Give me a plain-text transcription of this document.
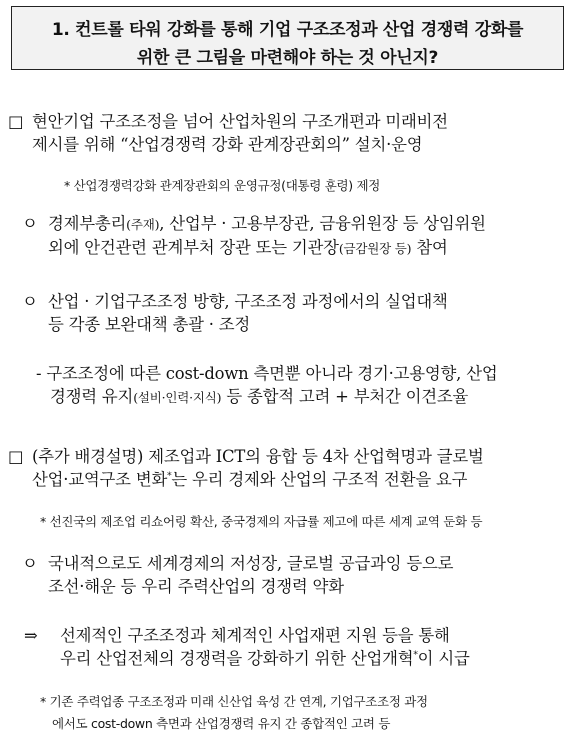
1. 컨트롤 타워 강화를 통해 기업 구조조정과 산업 경쟁력 강화를
위한 큰 그림을 마련해야 하는 것 아닌지?
□ 현안기업 구조조정을 넘어 산업차원의 구조개편과 미래비전
제시를 위해 “산업경쟁력 강화 관계장관회의” 설치·운영
* 산업경쟁력강화 관계장관회의 운영규정(대통령 훈령) 제정
ㅇ 경제부총리(주재), 산업부 · 고용부장관, 금융위원장 등 상임위원
외에 안건관련 관계부처 장관 또는 기관장(금감원장 등) 참여
ㅇ 산업 · 기업구조조정 방향, 구조조정 과정에서의 실업대책
등 각종 보완대책 총괄 · 조정
- 구조조정에 따른 cost-down 측면뿐 아니라 경기·고용영향, 산업
경쟁력 유지(설비·인력·지식) 등 종합적 고려 + 부처간 이견조율
□ (추가 배경설명) 제조업과 ICT의 융합 등 4차 산업혁명과 글로벌
산업·교역구조 변화*는 우리 경제와 산업의 구조적 전환을 요구
* 선진국의 제조업 리쇼어링 확산, 중국경제의 자급률 제고에 따른 세계 교역 둔화 등
ㅇ 국내적으로도 세계경제의 저성장, 글로벌 공급과잉 등으로
조선·해운 등 우리 주력산업의 경쟁력 약화
⇒ 선제적인 구조조정과 체계적인 사업재편 지원 등을 통해
우리 산업전체의 경쟁력을 강화하기 위한 산업개혁*이 시급
* 기존 주력업종 구조조정과 미래 신산업 육성 간 연계, 기업구조조정 과정
에서도 cost-down 측면과 산업경쟁력 유지 간 종합적인 고려 등
